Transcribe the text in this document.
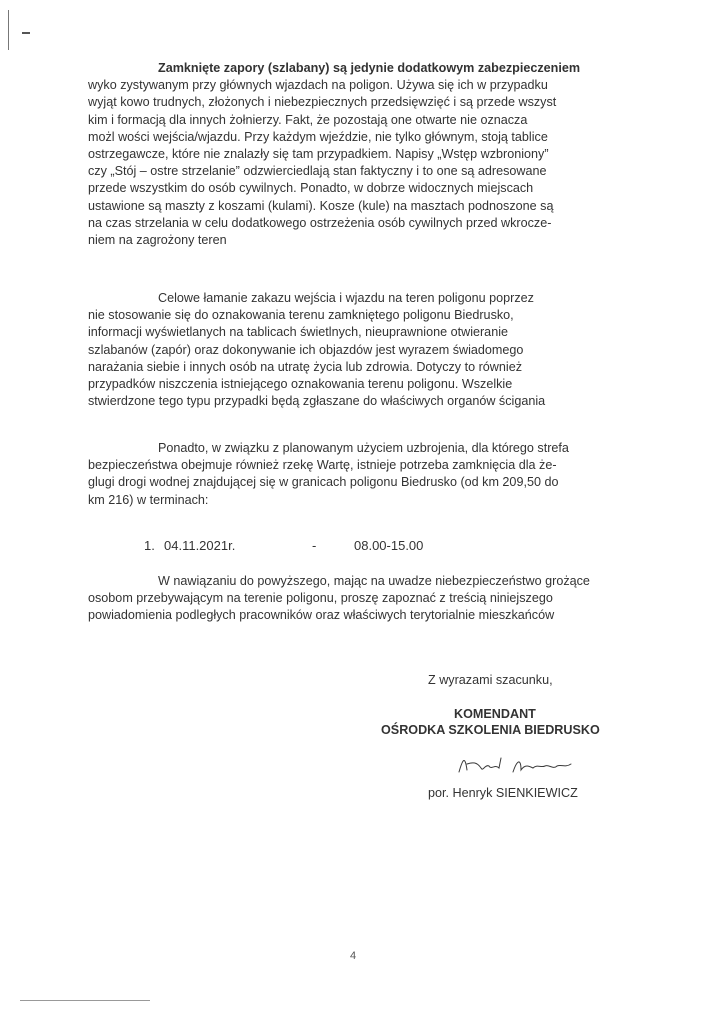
Zamknięte zapory (szlabany) są jedynie dodatkowym zabezpieczeniem
wyko zystywanym przy głównych wjazdach na poligon. Używa się ich w przypadku
wyjąt kowo trudnych, złożonych i niebezpiecznych przedsięwzięć i są przede wszyst
kim i formacją dla innych żołnierzy. Fakt, że pozostają one otwarte nie oznacza
możl wości wejścia/wjazdu. Przy każdym wjeździe, nie tylko głównym, stoją tablice
ostrzegawcze, które nie znalazły się tam przypadkiem. Napisy „Wstęp wzbroniony”
czy „Stój – ostre strzelanie” odzwierciedlają stan faktyczny i to one są adresowane
przede wszystkim do osób cywilnych. Ponadto, w dobrze widocznych miejscach
ustawione są maszty z koszami (kulami). Kosze (kule) na masztach podnoszone są
na czas strzelania w celu dodatkowego ostrzeżenia osób cywilnych przed wkrocze-
niem na zagrożony teren
Celowe łamanie zakazu wejścia i wjazdu na teren poligonu poprzez
nie stosowanie się do oznakowania terenu zamkniętego poligonu Biedrusko,
informacji wyświetlanych na tablicach świetlnych, nieuprawnione otwieranie
szlabanów (zapór) oraz dokonywanie ich objazdów jest wyrazem świadomego
narażania siebie i innych osób na utratę życia lub zdrowia. Dotyczy to również
przypadków niszczenia istniejącego oznakowania terenu poligonu. Wszelkie
stwierdzone tego typu przypadki będą zgłaszane do właściwych organów ścigania
Ponadto, w związku z planowanym użyciem uzbrojenia, dla którego strefa
bezpieczeństwa obejmuje również rzekę Wartę, istnieje potrzeba zamknięcia dla że-
glugi drogi wodnej znajdującej się w granicach poligonu Biedrusko (od km 209,50 do
km 216) w terminach:
1. 04.11.2021r.	-	08.00-15.00
W nawiązaniu do powyższego, mając na uwadze niebezpieczeństwo grożące
osobom przebywającym na terenie poligonu, proszę zapoznać z treścią niniejszego
powiadomienia podległych pracowników oraz właściwych terytorialnie mieszkańców
Z wyrazami szacunku,
KOMENDANT
OŚRODKA SZKOLENIA BIEDRUSKO
por. Henryk SIENKIEWICZ
4
